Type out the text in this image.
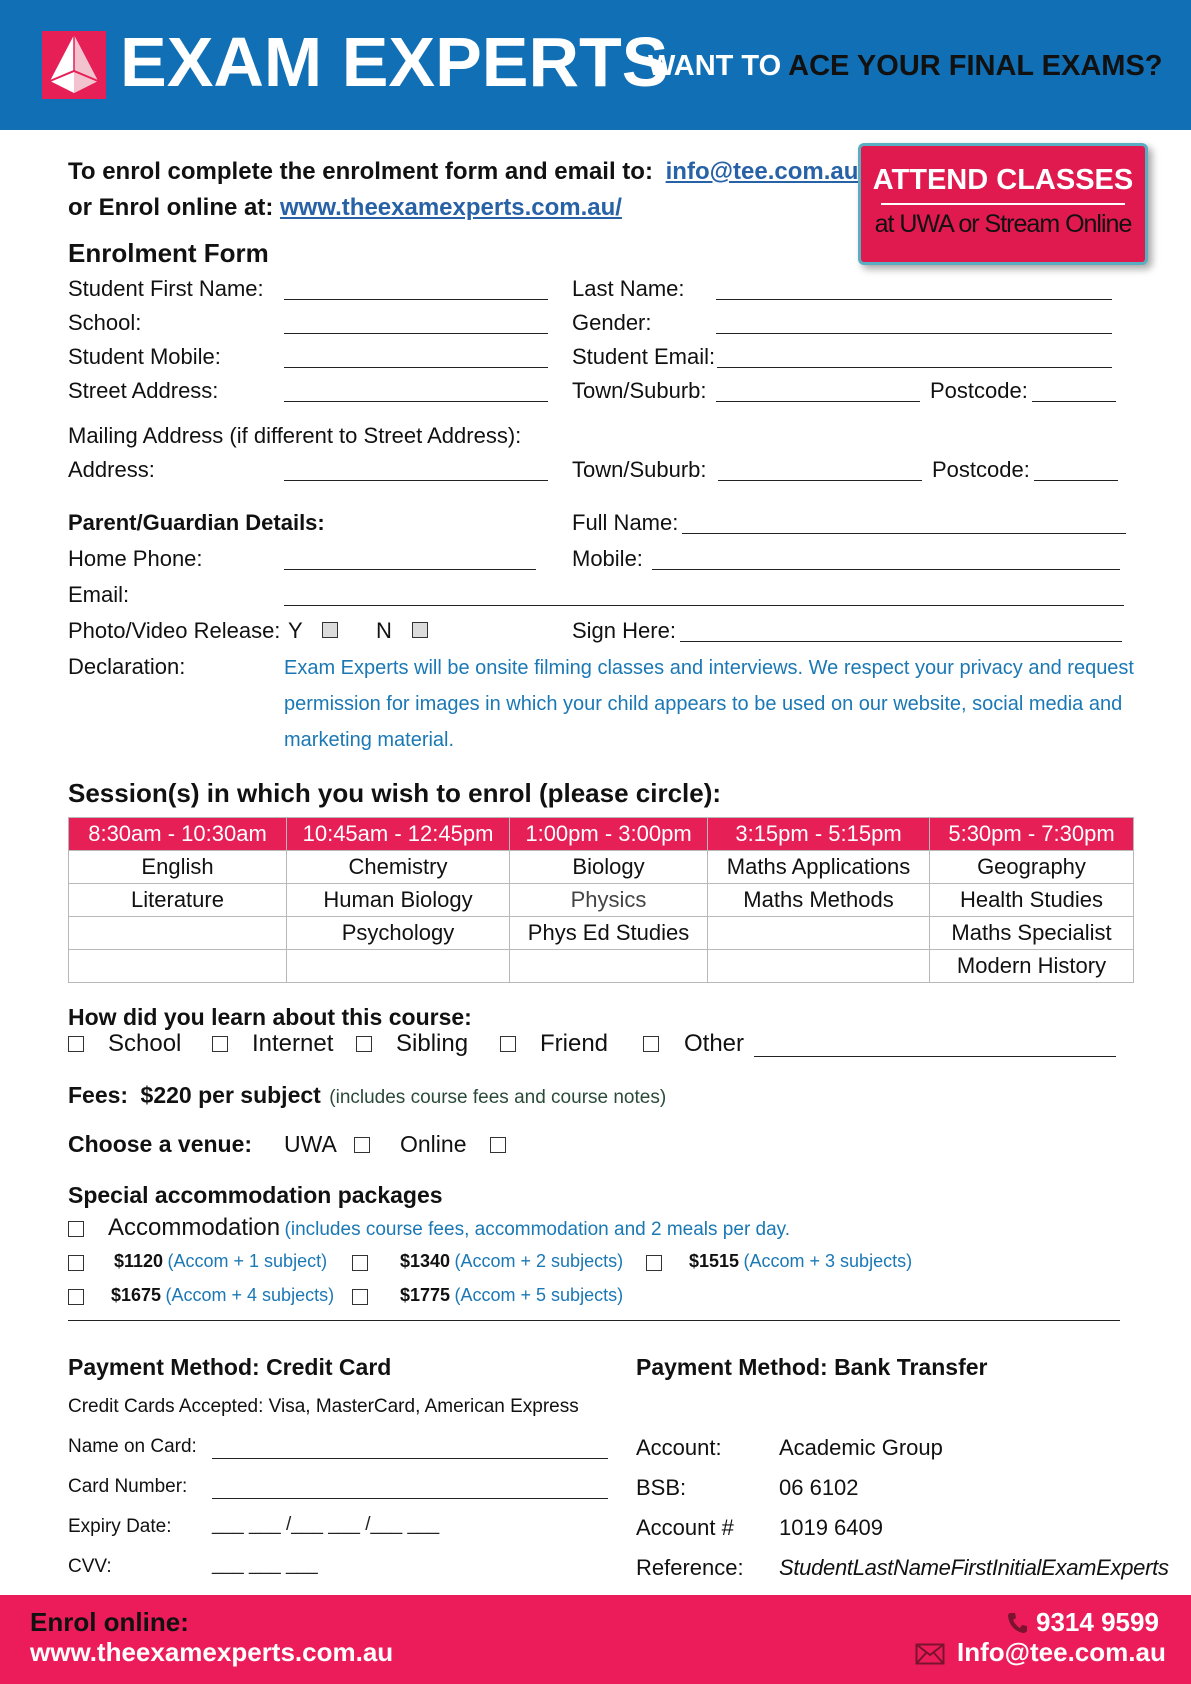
EXAM EXPERTS
WANT TO ACE YOUR FINAL EXAMS?
To enrol complete the enrolment form and email to: info@tee.com.au
or Enrol online at: www.theexamexperts.com.au/
ATTEND CLASSES
at UWA or Stream Online
Enrolment Form
Student First Name:	Last Name:
School:	Gender:
Student Mobile:	Student Email:
Street Address:	Town/Suburb:	Postcode:
Mailing Address (if different to Street Address):
Address:	Town/Suburb:	Postcode:
Parent/Guardian Details:	Full Name:
Home Phone:	Mobile:
Email:
Photo/Video Release: Y	N	Sign Here:
Declaration:	Exam Experts will be onsite filming classes and interviews. We respect your privacy and request permission for images in which your child appears to be used on our website, social media and marketing material.
Session(s) in which you wish to enrol (please circle):
8:30am - 10:30am	10:45am - 12:45pm	1:00pm - 3:00pm	3:15pm - 5:15pm	5:30pm - 7:30pm
English	Chemistry	Biology	Maths Applications	Geography
Literature	Human Biology	Physics	Maths Methods	Health Studies
	Psychology	Phys Ed Studies		Maths Specialist
				Modern History
How did you learn about this course:
School	Internet	Sibling	Friend	Other
Fees: $220 per subject (includes course fees and course notes)
Choose a venue: UWA	Online
Special accommodation packages
Accommodation (includes course fees, accommodation and 2 meals per day.
$1120 (Accom + 1 subject)	$1340 (Accom + 2 subjects)	$1515 (Accom + 3 subjects)
$1675 (Accom + 4 subjects)	$1775 (Accom + 5 subjects)
Payment Method: Credit Card
Credit Cards Accepted: Visa, MasterCard, American Express
Name on Card:
Card Number:
Expiry Date: ___ ___ /___ ___ /___ ___
CVV:	___ ___ ___
Payment Method: Bank Transfer
Account:	Academic Group
BSB:	06 6102
Account # 1019 6409
Reference: StudentLastNameFirstInitialExamExperts
Enrol online:
www.theexamexperts.com.au
9314 9599
Info@tee.com.au
